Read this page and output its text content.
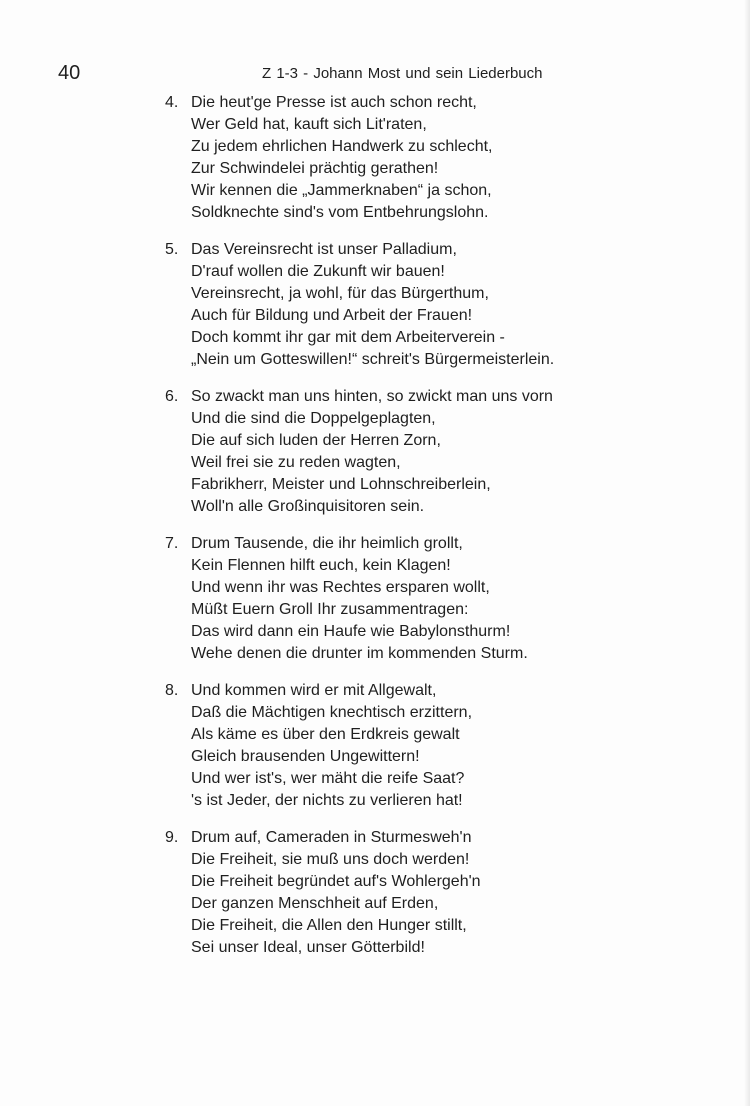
40	Z 1-3 - Johann Most und sein Liederbuch
4. Die heut'ge Presse ist auch schon recht,
Wer Geld hat, kauft sich Lit'raten,
Zu jedem ehrlichen Handwerk zu schlecht,
Zur Schwindelei prächtig gerathen!
Wir kennen die „Jammerknaben“ ja schon,
Soldknechte sind's vom Entbehrungslohn.
5. Das Vereinsrecht ist unser Palladium,
D'rauf wollen die Zukunft wir bauen!
Vereinsrecht, ja wohl, für das Bürgerthum,
Auch für Bildung und Arbeit der Frauen!
Doch kommt ihr gar mit dem Arbeiterverein -
„Nein um Gotteswillen!“ schreit's Bürgermeisterlein.
6. So zwackt man uns hinten, so zwickt man uns vorn
Und die sind die Doppelgeplagten,
Die auf sich luden der Herren Zorn,
Weil frei sie zu reden wagten,
Fabrikherr, Meister und Lohnschreiberlein,
Woll'n alle Großinquisitoren sein.
7. Drum Tausende, die ihr heimlich grollt,
Kein Flennen hilft euch, kein Klagen!
Und wenn ihr was Rechtes ersparen wollt,
Müßt Euern Groll Ihr zusammentragen:
Das wird dann ein Haufe wie Babylonsthurm!
Wehe denen die drunter im kommenden Sturm.
8. Und kommen wird er mit Allgewalt,
Daß die Mächtigen knechtisch erzittern,
Als käme es über den Erdkreis gewalt
Gleich brausenden Ungewittern!
Und wer ist's, wer mäht die reife Saat?
's ist Jeder, der nichts zu verlieren hat!
9. Drum auf, Cameraden in Sturmesweh'n
Die Freiheit, sie muß uns doch werden!
Die Freiheit begründet auf's Wohlergeh'n
Der ganzen Menschheit auf Erden,
Die Freiheit, die Allen den Hunger stillt,
Sei unser Ideal, unser Götterbild!
